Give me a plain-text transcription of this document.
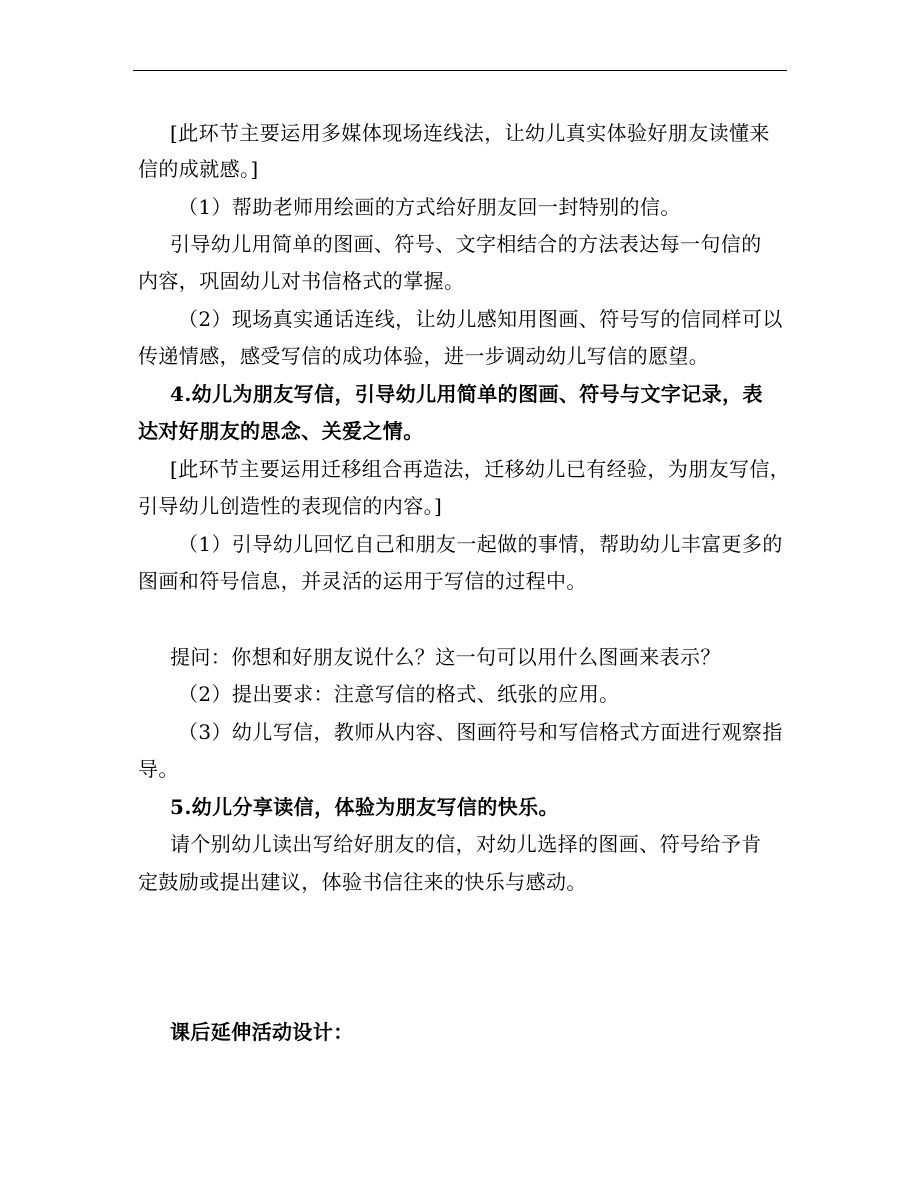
[此环节主要运用多媒体现场连线法，让幼儿真实体验好朋友读懂来
信的成就感。]
（1）帮助老师用绘画的方式给好朋友回一封特别的信。
引导幼儿用简单的图画、符号、文字相结合的方法表达每一句信的
内容，巩固幼儿对书信格式的掌握。
（2）现场真实通话连线，让幼儿感知用图画、符号写的信同样可以
传递情感，感受写信的成功体验，进一步调动幼儿写信的愿望。
4.幼儿为朋友写信，引导幼儿用简单的图画、符号与文字记录，表
达对好朋友的思念、关爱之情。
[此环节主要运用迁移组合再造法，迁移幼儿已有经验，为朋友写信，
引导幼儿创造性的表现信的内容。]
（1）引导幼儿回忆自己和朋友一起做的事情，帮助幼儿丰富更多的
图画和符号信息，并灵活的运用于写信的过程中。
提问：你想和好朋友说什么？这一句可以用什么图画来表示？
（2）提出要求：注意写信的格式、纸张的应用。
（3）幼儿写信，教师从内容、图画符号和写信格式方面进行观察指
导。
5.幼儿分享读信，体验为朋友写信的快乐。
请个别幼儿读出写给好朋友的信，对幼儿选择的图画、符号给予肯
定鼓励或提出建议，体验书信往来的快乐与感动。
课后延伸活动设计：
